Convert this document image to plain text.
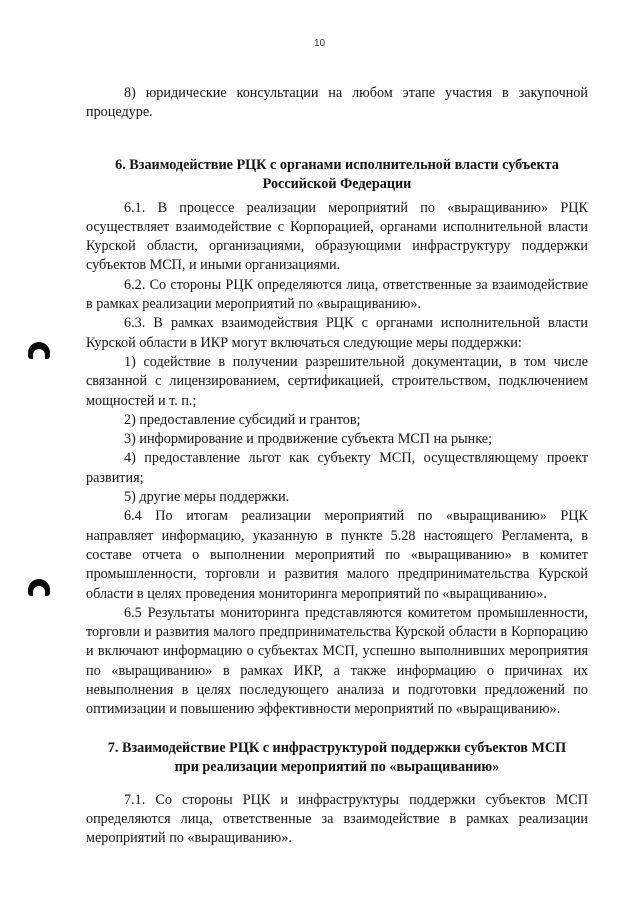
10

8) юридические консультации на любом этапе участия в закупочной процедуре.

6. Взаимодействие РЦК с органами исполнительной власти субъекта
Российской Федерации

6.1. В процессе реализации мероприятий по «выращиванию» РЦК осуществляет взаимодействие с Корпорацией, органами исполнительной власти Курской области, организациями, образующими инфраструктуру поддержки субъектов МСП, и иными организациями.

6.2. Со стороны РЦК определяются лица, ответственные за взаимодействие в рамках реализации мероприятий по «выращиванию».

6.3. В рамках взаимодействия РЦК с органами исполнительной власти Курской области в ИКР могут включаться следующие меры поддержки:

1) содействие в получении разрешительной документации, в том числе связанной с лицензированием, сертификацией, строительством, подключением мощностей и т. п.;

2) предоставление субсидий и грантов;

3) информирование и продвижение субъекта МСП на рынке;

4) предоставление льгот как субъекту МСП, осуществляющему проект развития;

5) другие меры поддержки.

6.4 По итогам реализации мероприятий по «выращиванию» РЦК направляет информацию, указанную в пункте 5.28 настоящего Регламента, в составе отчета о выполнении мероприятий по «выращиванию» в комитет промышленности, торговли и развития малого предпринимательства Курской области в целях проведения мониторинга мероприятий по «выращиванию».

6.5 Результаты мониторинга представляются комитетом промышленности, торговли и развития малого предпринимательства Курской области в Корпорацию и включают информацию о субъектах МСП, успешно выполнивших мероприятия по «выращиванию» в рамках ИКР, а также информацию о причинах их невыполнения в целях последующего анализа и подготовки предложений по оптимизации и повышению эффективности мероприятий по «выращиванию».

7. Взаимодействие РЦК с инфраструктурой поддержки субъектов МСП
при реализации мероприятий по «выращиванию»

7.1. Со стороны РЦК и инфраструктуры поддержки субъектов МСП определяются лица, ответственные за взаимодействие в рамках реализации мероприятий по «выращиванию».
